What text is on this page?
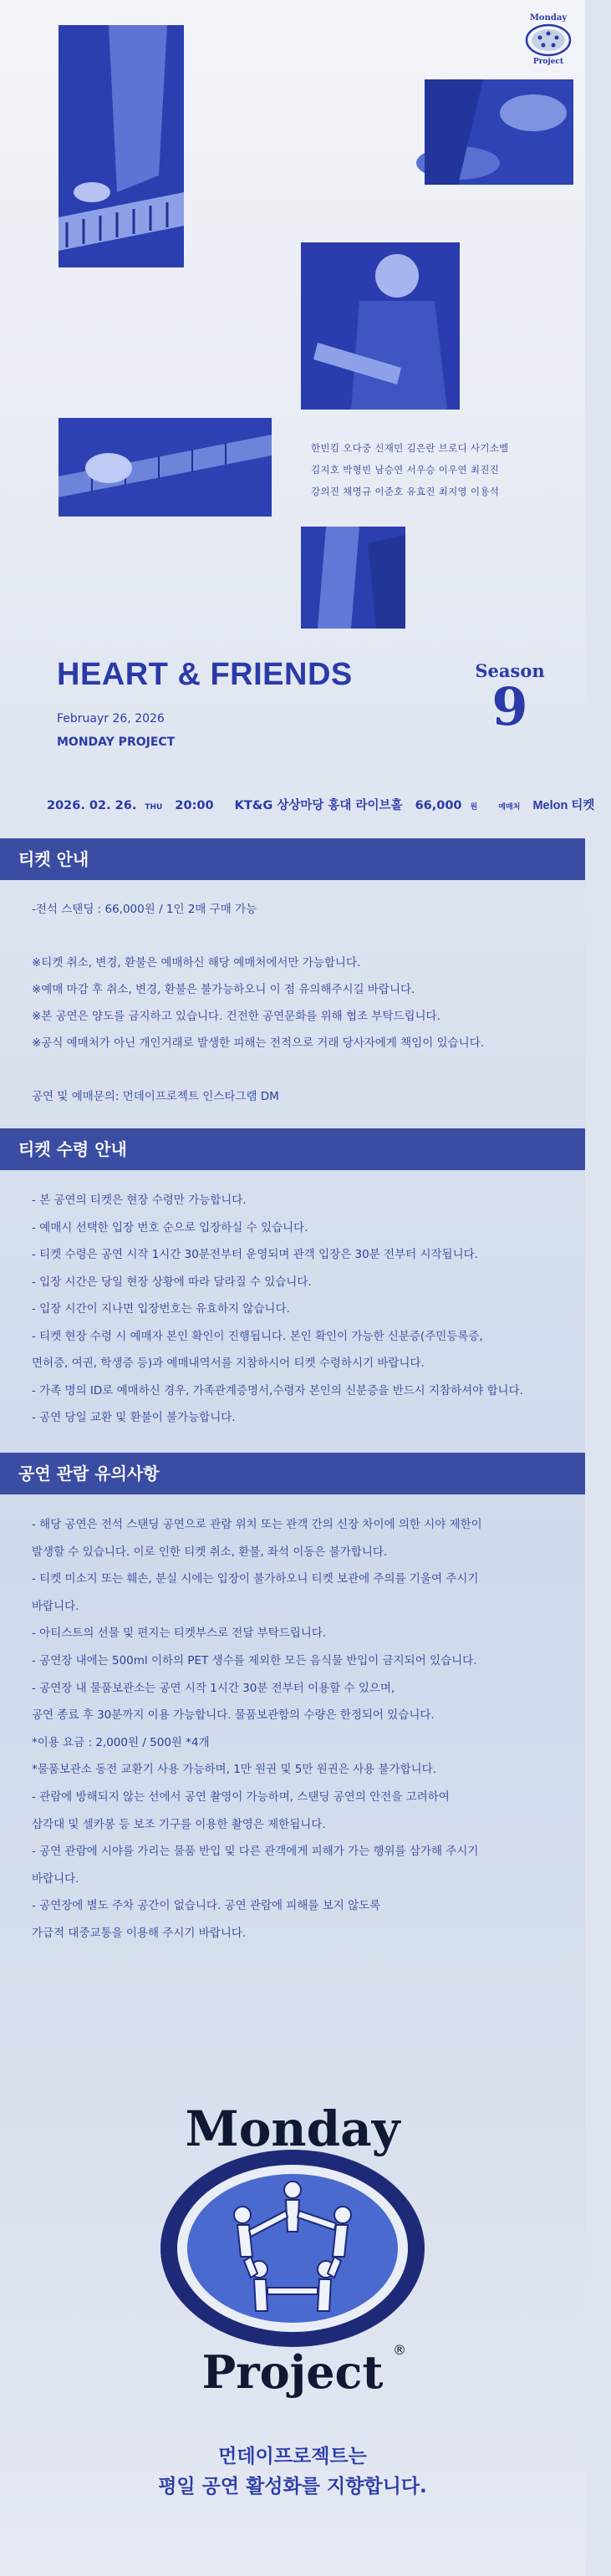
Monday
Project
한빈킴 오다중 신재민 김은란 브로디 사기소벨
김지호 박형빈 남승연 서우승 이우연 최진진
강의진 채명규 이준호 유효진 최지영 이용석
HEART & FRIENDS
Februayr 26, 2026
MONDAY PROJECT
Season
9
2026. 02. 26. THU 20:00 KT&G 상상마당 홍대 라이브홀 66,000 원	예매처 Melon 티켓
티켓 안내
-전석 스탠딩 : 66,000원 / 1인 2매 구매 가능

※티켓 취소, 변경, 환불은 예매하신 해당 예매처에서만 가능합니다.
※예매 마감 후 취소, 변경, 환불은 불가능하오니 이 점 유의해주시길 바랍니다.
※본 공연은 양도를 금지하고 있습니다. 건전한 공연문화를 위해 협조 부탁드립니다.
※공식 예매처가 아닌 개인거래로 발생한 피해는 전적으로 거래 당사자에게 책임이 있습니다.

공연 및 예매문의: 먼데이프로젝트 인스타그램 DM
티켓 수령 안내
- 본 공연의 티켓은 현장 수령만 가능합니다.
- 예매시 선택한 입장 번호 순으로 입장하실 수 있습니다.
- 티켓 수령은 공연 시작 1시간 30분전부터 운영되며 관객 입장은 30분 전부터 시작됩니다.
- 입장 시간은 당일 현장 상황에 따라 달라질 수 있습니다.
- 입장 시간이 지나면 입장번호는 유효하지 않습니다.
- 티켓 현장 수령 시 예매자 본인 확인이 진행됩니다. 본인 확인이 가능한 신분증(주민등록증,
면허증, 여권, 학생증 등)과 예매내역서를 지참하시어 티켓 수령하시기 바랍니다.
- 가족 명의 ID로 예매하신 경우, 가족관계증명서,수령자 본인의 신분증을 반드시 지참하셔야 합니다.
- 공연 당일 교환 및 환불이 불가능합니다.
공연 관람 유의사항
- 해당 공연은 전석 스탠딩 공연으로 관람 위치 또는 관객 간의 신장 차이에 의한 시야 제한이
발생할 수 있습니다. 이로 인한 티켓 취소, 환불, 좌석 이동은 불가합니다.
- 티켓 미소지 또는 훼손, 분실 시에는 입장이 불가하오니 티켓 보관에 주의를 기울여 주시기
바랍니다.
- 아티스트의 선물 및 편지는 티켓부스로 전달 부탁드립니다.
- 공연장 내에는 500ml 이하의 PET 생수를 제외한 모든 음식물 반입이 금지되어 있습니다.
- 공연장 내 물품보관소는 공연 시작 1시간 30분 전부터 이용할 수 있으며,
공연 종료 후 30분까지 이용 가능합니다. 물품보관함의 수량은 한정되어 있습니다.
*이용 요금 : 2,000원 / 500원 *4개
*물품보관소 동전 교환기 사용 가능하며, 1만 원권 및 5만 원권은 사용 불가합니다.
- 관람에 방해되지 않는 선에서 공연 촬영이 가능하며, 스탠딩 공연의 안전을 고려하여
삼각대 및 셀카봉 등 보조 기구를 이용한 촬영은 제한됩니다.
- 공연 관람에 시야를 가리는 물품 반입 및 다른 관객에게 피해가 가는 행위를 삼가해 주시기
바랍니다.
- 공연장에 별도 주차 공간이 없습니다. 공연 관람에 피해를 보지 않도록
가급적 대중교통을 이용해 주시기 바랍니다.
Monday
Project ®
먼데이프로젝트는
평일 공연 활성화를 지향합니다.
